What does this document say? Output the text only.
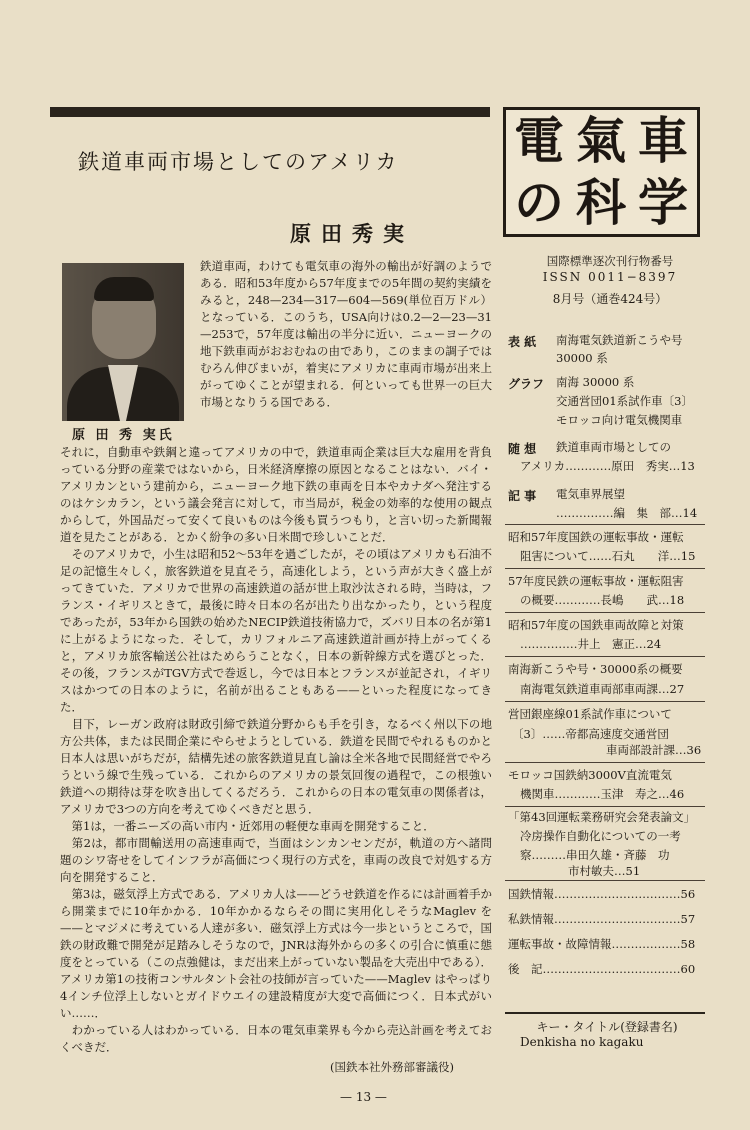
鉄道車両市場としてのアメリカ
原田秀実
原 田 秀 実氏

鉄道車両，わけても電気車の海外の輸出が好調のようである．昭和53年度から57年度までの5年間の契約実績をみると，248—234—317—604—569(単位百万ドル）となっている．このうち，USA向けは0.2—2—23—31—253で，57年度は輸出の半分に近い．ニューヨークの地下鉄車両がおおむねの由であり，このままの調子ではむろん伸びまいが，着実にアメリカに車両市場が出来上がってゆくことが望まれる．何といっても世界一の巨大市場となりうる国である．

それに，自動車や鉄鋼と違ってアメリカの中で，鉄道車両企業は巨大な雇用を背負っている分野の産業ではないから，日米経済摩擦の原因となることはない．バイ・アメリカンという建前から，ニューヨーク地下鉄の車両を日本やカナダへ発注するのはケシカラン，という議会発言に対して，市当局が，税金の効率的な使用の観点からして，外国品だって安くて良いものは今後も買うつもり，と言い切った新聞報道を見たことがある．とかく紛争の多い日米間で珍しいことだ．
　そのアメリカで，小生は昭和52〜53年を過ごしたが，その頃はアメリカも石油不足の記憶生々しく，旅客鉄道を見直そう，高速化しよう，という声が大きく盛上がってきていた．アメリカで世界の高速鉄道の話が世上取沙汰される時，当時は，フランス・イギリスときて，最後に時々日本の名が出たり出なかったり，という程度であったが，53年から国鉄の始めたNECIP鉄道技術協力で，ズバリ日本の名が第1に上がるようになった．そして，カリフォルニア高速鉄道計画が持上がってくると，アメリカ旅客輸送公社はためらうことなく，日本の新幹線方式を選びとった．その後，フランスがTGV方式で巻返し，今では日本とフランスが並記され，イギリスはかつての日本のように，名前が出ることもある——といった程度になってきた．
　目下，レーガン政府は財政引締で鉄道分野からも手を引き，なるべく州以下の地方公共体，または民間企業にやらせようとしている．鉄道を民間でやれるものかと日本人は思いがちだが，結構先述の旅客鉄道見直し論は全米各地で民間経営でやろうという線で生残っている．これからのアメリカの景気回復の過程で，この根強い鉄道への期待は芽を吹き出してくるだろう．これからの日本の電気車の関係者は，アメリカで3つの方向を考えてゆくべきだと思う．
　第1は，一番ニーズの高い市内・近郊用の軽便な車両を開発すること．
　第2は，都市間輸送用の高速車両で，当面はシンカンセンだが，軌道の方へ諸問題のシワ寄せをしてインフラが高価につく現行の方式を，車両の改良で対処する方向を開発すること．
　第3は，磁気浮上方式である．アメリカ人は——どうせ鉄道を作るには計画着手から開業までに10年かかる．10年かかるならその間に実用化しそうなMaglev を——とマジメに考えている人達が多い．磁気浮上方式は今一歩というところで，国鉄の財政難で開発が足踏みしそうなので，JNRは海外からの多くの引合に慎重に態度をとっている（この点強健は，まだ出来上がっていない製品を大売出中である）．アメリカ第1の技術コンサルタント会社の技師が言っていた——Maglev はやっぱり4インチ位浮上しないとガイドウエイの建設精度が大変で高価につく．日本式がいい……．
　わかっている人はわかっている．日本の電気車業界も今から売込計画を考えておくべきだ．

(国鉄本社外務部審議役)
— 13 —
電 氣 車
の 科 学
国際標準逐次刊行物番号
ISSN 0011−8397
8月号（通巻424号）
表 紙 南海電気鉄道新こうや号
30000 系
グラフ 南海 30000 系
交通営団01系試作車〔3〕
モロッコ向け電気機関車
随 想 鉄道車両市場としての
アメリカ…………原田　秀実…13
記 事 電気車界展望
……………編　集　部…14
昭和57年度国鉄の運転事故・運転
阻害について……石丸　　洋…15
57年度民鉄の運転事故・運転阻害
の概要…………長嶋　　武…18
昭和57年度の国鉄車両故障と対策
……………井上　憲正…24
南海新こうや号・30000系の概要
南海電気鉄道車両部車両課…27
営団銀座線01系試作車について
〔3〕……帝都高速度交通営団
車両部設計課…36
モロッコ国鉄納3000V直流電気
機関車…………玉津　寿之…46
「第43回運転業務研究会発表論文」
冷房操作自動化についての一考
察………串田久雄・斉藤　功
市村敏夫…51
国鉄情報……………………………56
私鉄情報……………………………57
運転事故・故障情報………………58
後　記………………………………60
キー・タイトル(登録書名)
Denkisha no kagaku
